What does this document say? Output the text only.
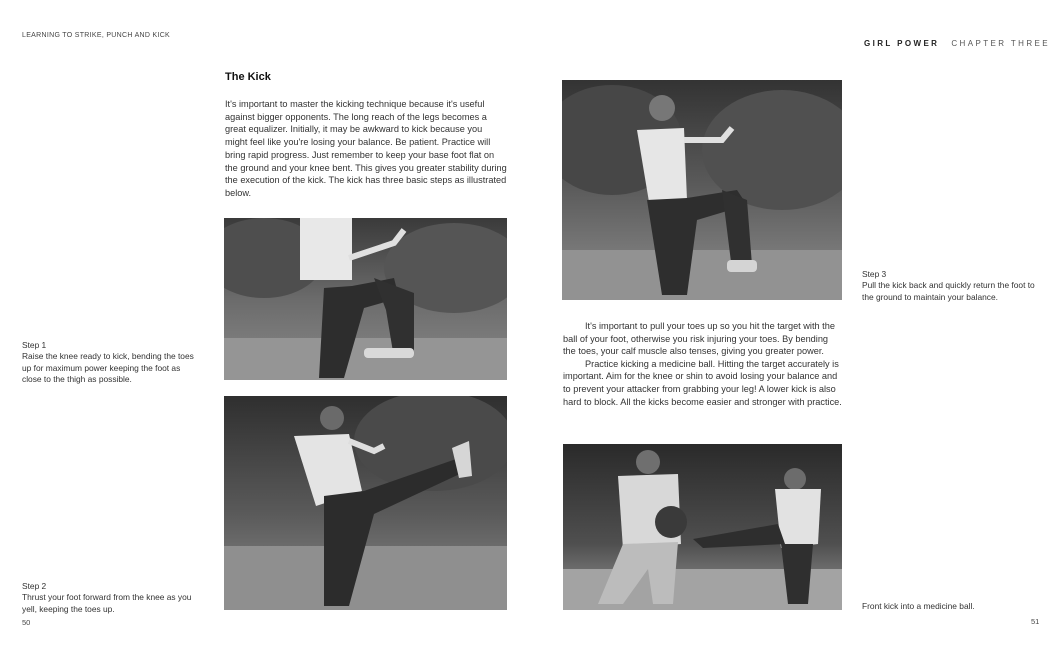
LEARNING TO STRIKE, PUNCH AND KICK
The Kick
It's important to master the kicking technique because it's useful against bigger opponents. The long reach of the legs becomes a great equalizer. Initially, it may be awkward to kick because you might feel like you're losing your balance. Be patient. Practice will bring rapid progress. Just remember to keep your base foot flat on the ground and your knee bent. This gives you greater stability during the execution of the kick. The kick has three basic steps as illustrated below.
Step 1
Raise the knee ready to kick, bending the toes up for maximum power keeping the foot as close to the thigh as possible.
Step 2
Thrust your foot forward from the knee as you yell, keeping the toes up.
50
GIRL POWER CHAPTER THREE
Step 3
Pull the kick back and quickly return the foot to the ground to maintain your balance.

It's important to pull your toes up so you hit the target with the ball of your foot, otherwise you risk injuring your toes. By bending the toes, your calf muscle also tenses, giving you greater power.

Practice kicking a medicine ball. Hitting the target accurately is important. Aim for the knee or shin to avoid losing your balance and to prevent your attacker from grabbing your leg! A lower kick is also hard to block. All the kicks become easier and stronger with practice.

Front kick into a medicine ball.
51
